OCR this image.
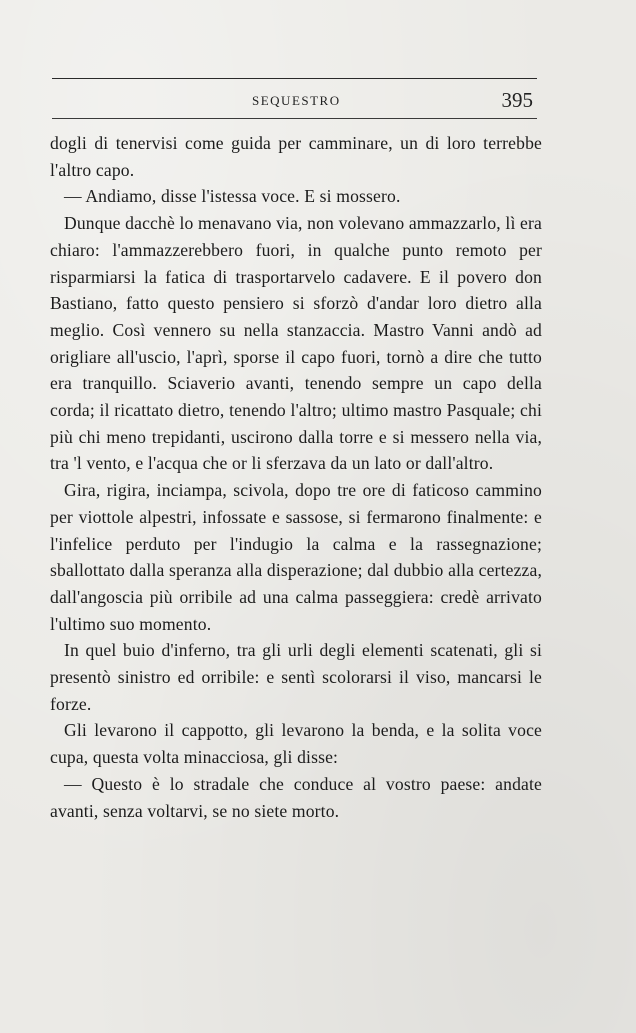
SEQUESTRO	395

dogli di tenervisi come guida per camminare, un di loro terrebbe l'altro capo.

— Andiamo, disse l'istessa voce. E si mossero.

Dunque dacchè lo menavano via, non volevano ammazzarlo, lì era chiaro: l'ammazzerebbero fuori, in qualche punto remoto per risparmiarsi la fatica di trasportarvelo cadavere. E il povero don Bastiano, fatto questo pensiero si sforzò d'andar loro dietro alla meglio. Così vennero su nella stanzaccia. Mastro Vanni andò ad origliare all'uscio, l'aprì, sporse il capo fuori, tornò a dire che tutto era tranquillo. Sciaverio avanti, tenendo sempre un capo della corda; il ricattato dietro, tenendo l'altro; ultimo mastro Pasquale; chi più chi meno trepidanti, uscirono dalla torre e si messero nella via, tra 'l vento, e l'acqua che or li sferzava da un lato or dall'altro.

Gira, rigira, inciampa, scivola, dopo tre ore di faticoso cammino per viottole alpestri, infossate e sassose, si fermarono finalmente: e l'infelice perduto per l'indugio la calma e la rassegnazione; sballottato dalla speranza alla disperazione; dal dubbio alla certezza, dall'angoscia più orribile ad una calma passeggiera: credè arrivato l'ultimo suo momento.

In quel buio d'inferno, tra gli urli degli elementi scatenati, gli si presentò sinistro ed orribile: e sentì scolorarsi il viso, mancarsi le forze.

Gli levarono il cappotto, gli levarono la benda, e la solita voce cupa, questa volta minacciosa, gli disse:

— Questo è lo stradale che conduce al vostro paese: andate avanti, senza voltarvi, se no siete morto.
